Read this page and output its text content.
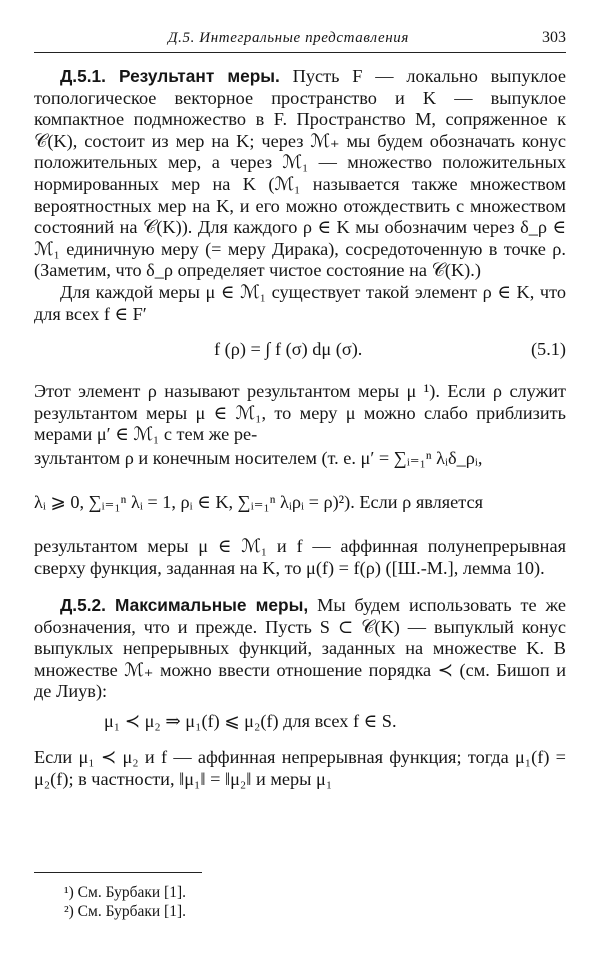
Д.5. Интегральные представления	303

Д.5.1. Результант меры. Пусть F — локально выпуклое топологическое векторное пространство и K — выпуклое компактное подмножество в F. Пространство M, сопряженное к 𝒞(K), состоит из мер на K; через ℳ₊ мы будем обозначать конус положительных мер, а через ℳ₁ — множество положительных нормированных мер на K (ℳ₁ называется также множеством вероятностных мер на K, и его можно отождествить с множеством состояний на 𝒞(K)). Для каждого ρ ∈ K мы обозначим через δ_ρ ∈ ℳ₁ единичную меру (= меру Дирака), сосредоточенную в точке ρ. (Заметим, что δ_ρ определяет чистое состояние на 𝒞(K).)

Для каждой меры μ ∈ ℳ₁ существует такой элемент ρ ∈ K, что для всех f ∈ F′

f (ρ) = ∫ f (σ) dμ (σ).	(5.1)

Этот элемент ρ называют результантом меры μ ¹). Если ρ служит результантом меры μ ∈ ℳ₁, то меру μ можно слабо приблизить мерами μ′ ∈ ℳ₁ с тем же ре-

зультантом ρ и конечным носителем (т. е. μ′ = ∑ᵢ₌₁ⁿ λᵢδ_ρᵢ,
λᵢ ⩾ 0, ∑ᵢ₌₁ⁿ λᵢ = 1, ρᵢ ∈ K, ∑ᵢ₌₁ⁿ λᵢρᵢ = ρ)²). Если ρ является

результантом меры μ ∈ ℳ₁ и f — аффинная полунепрерывная сверху функция, заданная на K, то μ(f) = f(ρ) ([Ш.-М.], лемма 10).

Д.5.2. Максимальные меры, Мы будем использовать те же обозначения, что и прежде. Пусть S ⊂ 𝒞(K) — выпуклый конус выпуклых непрерывных функций, заданных на множестве K. В множестве ℳ₊ можно ввести отношение порядка ≺ (см. Бишоп и де Лиув):

μ₁ ≺ μ₂ ⇒ μ₁(f) ⩽ μ₂(f) для всех f ∈ S.

Если μ₁ ≺ μ₂ и f — аффинная непрерывная функция; тогда μ₁(f) = μ₂(f); в частности, ‖μ₁‖ = ‖μ₂‖ и меры μ₁

¹) См. Бурбаки [1].
²) См. Бурбаки [1].
